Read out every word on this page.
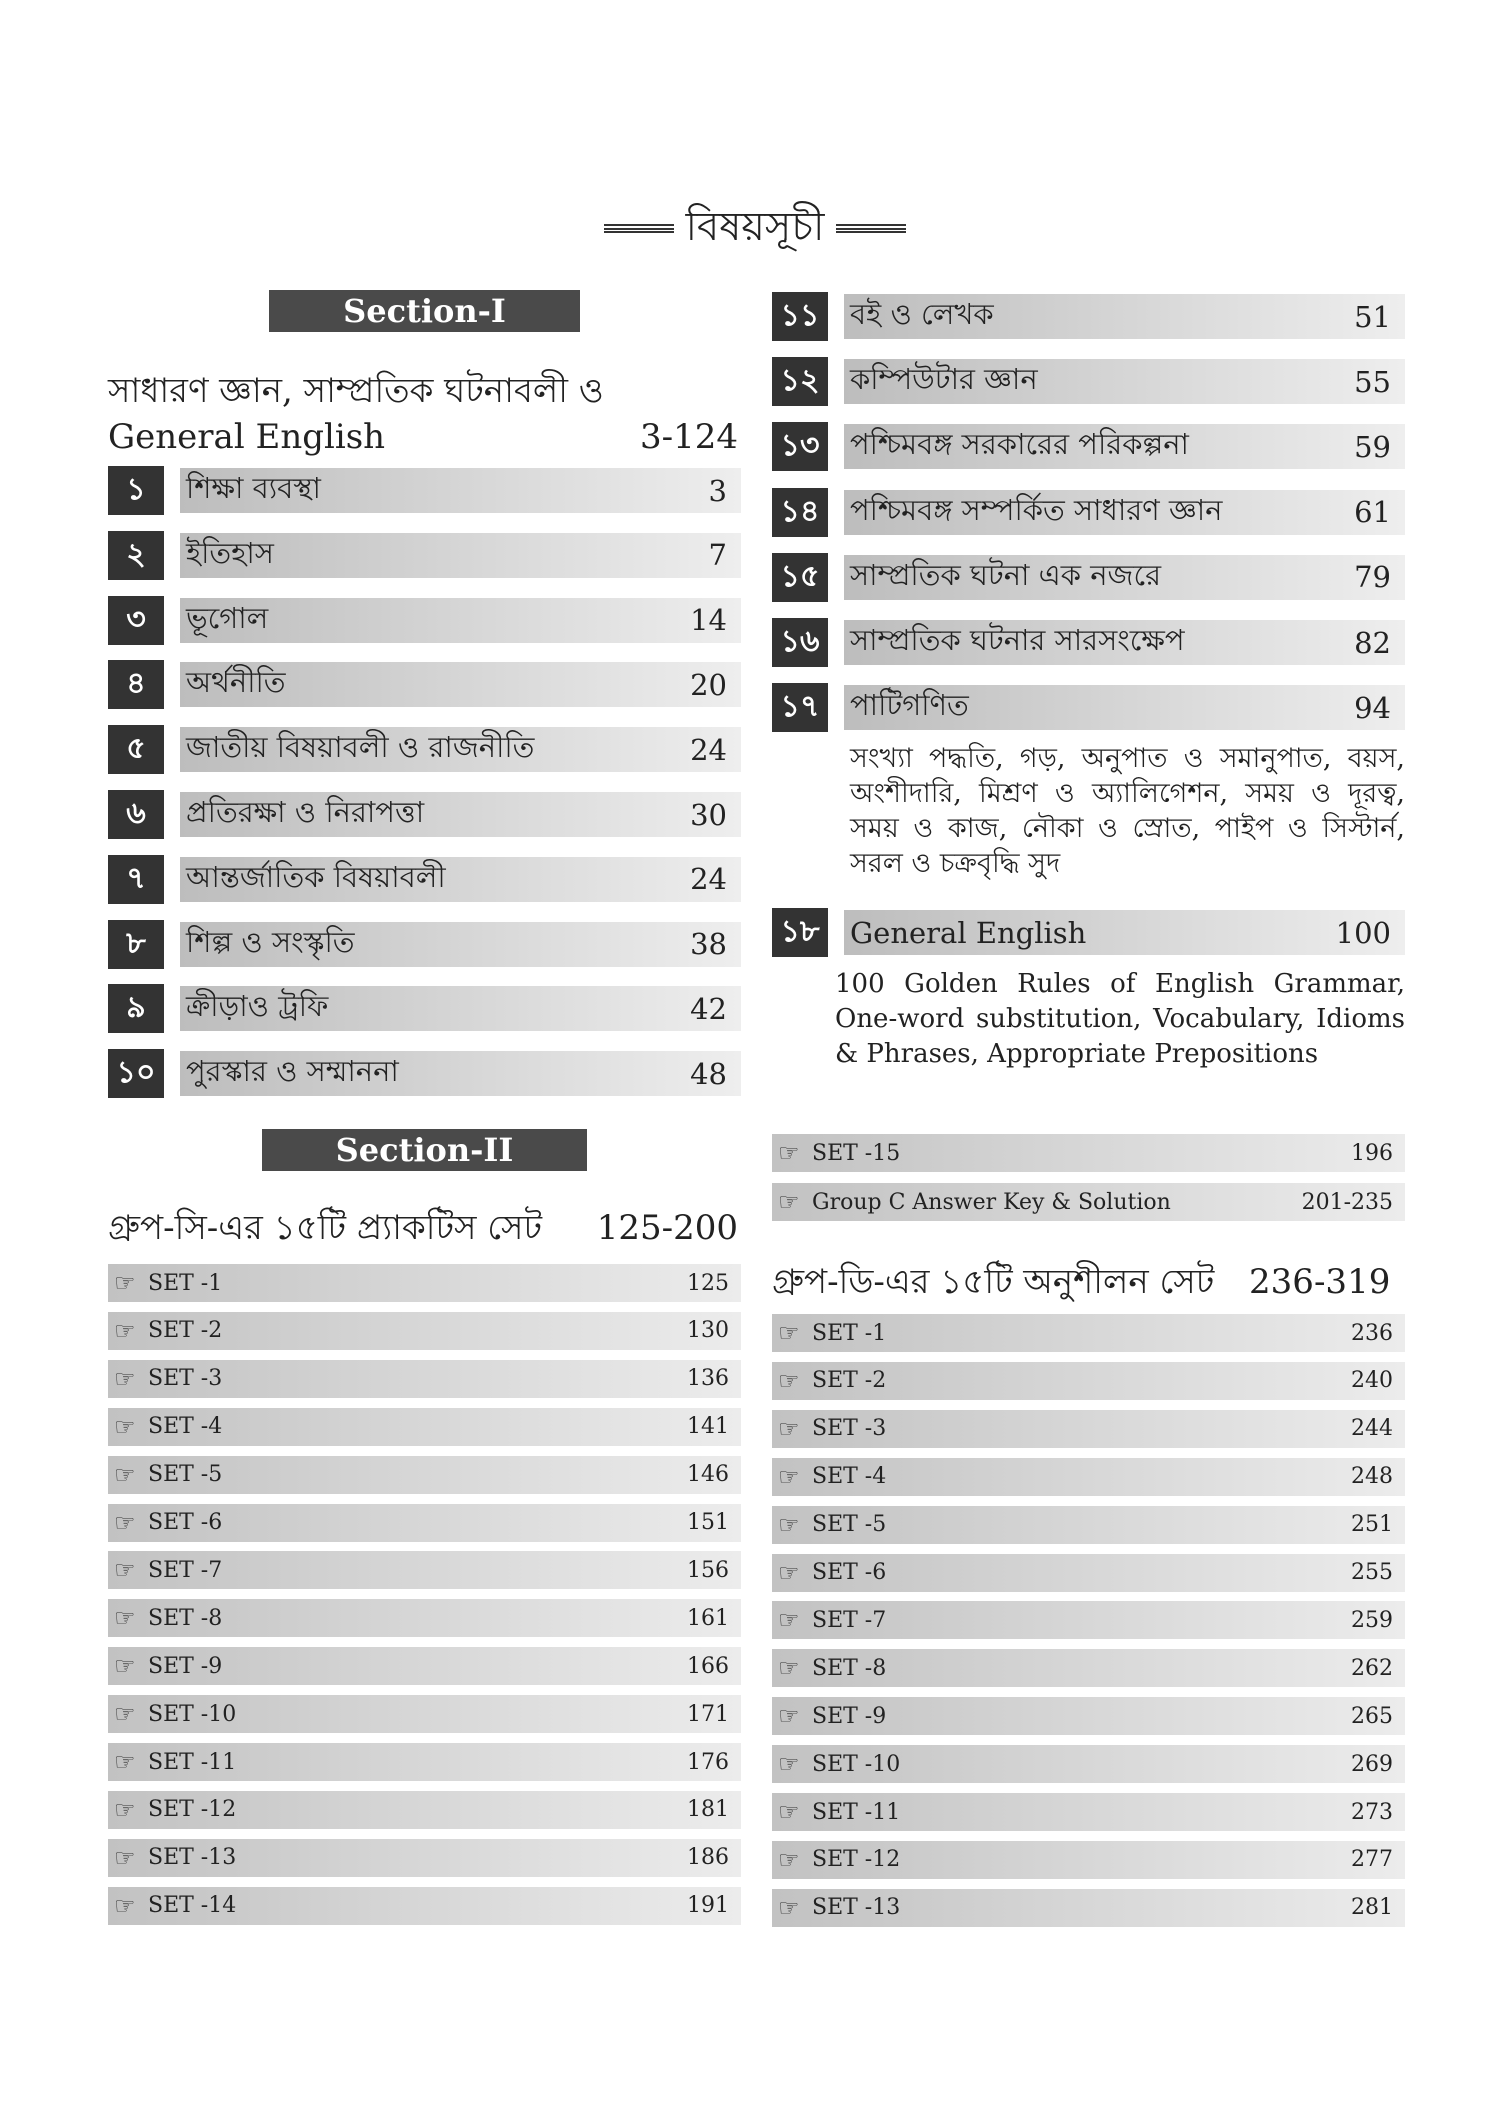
বিষয়সূচী
Section-I
সাধারণ জ্ঞান, সাম্প্রতিক ঘটনাবলী ও General English	3-124
১	শিক্ষা ব্যবস্থা	3
২	ইতিহাস	7
৩	ভূগোল	14
৪	অর্থনীতি	20
৫	জাতীয় বিষয়াবলী ও রাজনীতি	24
৬	প্রতিরক্ষা ও নিরাপত্তা	30
৭	আন্তর্জাতিক বিষয়াবলী	24
৮	শিল্প ও সংস্কৃতি	38
৯	ক্রীড়াও ট্রফি	42
১০ পুরস্কার ও সম্মাননা	48
১১ বই ও লেখক	51
১২ কম্পিউটার জ্ঞান	55
১৩ পশ্চিমবঙ্গ সরকারের পরিকল্পনা	59
১৪ পশ্চিমবঙ্গ সম্পর্কিত সাধারণ জ্ঞান	61
১৫ সাম্প্রতিক ঘটনা এক নজরে	79
১৬ সাম্প্রতিক ঘটনার সারসংক্ষেপ	82
১৭ পাটিগণিত	94
১৮ General English	100
সংখ্যা পদ্ধতি, গড়, অনুপাত ও সমানুপাত, বয়স, অংশীদারি, মিশ্রণ ও অ্যালিগেশন, সময় ও দূরত্ব, সময় ও কাজ, নৌকা ও স্রোত, পাইপ ও সিস্টার্ন, সরল ও চক্রবৃদ্ধি সুদ
100 Golden Rules of English Grammar, One-word substitution, Vocabulary, Idioms & Phrases, Appropriate Prepositions
Section-II
গ্রুপ-সি-এর ১৫টি প্র্যাকটিস সেট 125-200
গ্রুপ-ডি-এর ১৫টি অনুশীলন সেট 236-319
☞ SET -1	125
☞ SET -2	130
☞ SET -3	136
☞ SET -4	141
☞ SET -5	146
☞ SET -6	151
☞ SET -7	156
☞ SET -8	161
☞ SET -9	166
☞ SET -10	171
☞ SET -11	176
☞ SET -12	181
☞ SET -13	186
☞ SET -14	191
☞ SET -15	196
☞ Group C Answer Key & Solution	201-235
☞ SET -1	236
☞ SET -2	240
☞ SET -3	244
☞ SET -4	248
☞ SET -5	251
☞ SET -6	255
☞ SET -7	259
☞ SET -8	262
☞ SET -9	265
☞ SET -10	269
☞ SET -11	273
☞ SET -12	277
☞ SET -13	281
